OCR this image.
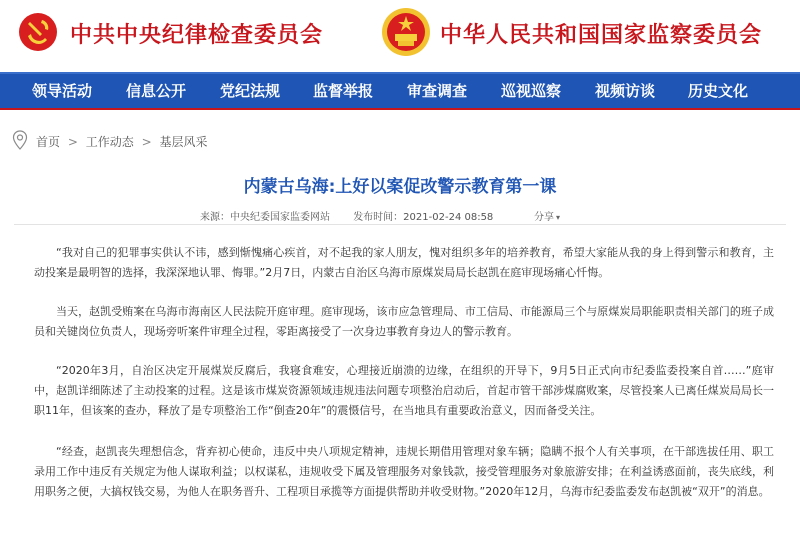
中共中央纪律检查委员会	中华人民共和国国家监察委员会
领导活动 信息公开 党纪法规 监督举报 审查调查 巡视巡察 视频访谈 历史文化
首页 > 工作动态 > 基层风采
内蒙古乌海:上好以案促改警示教育第一课
来源：中央纪委国家监委网站 发布时间：2021-02-24 08:58	分享 ▾

“我对自己的犯罪事实供认不讳，感到惭愧痛心疾首，对不起我的家人朋友，愧对组织多年的培养教育，希望大家能从我的身上得到警示和教育，主动投案是最明智的选择，我深深地认罪、悔罪。”2月7日，内蒙古自治区乌海市原煤炭局局长赵凯在庭审现场痛心忏悔。

当天，赵凯受贿案在乌海市海南区人民法院开庭审理。庭审现场，该市应急管理局、市工信局、市能源局三个与原煤炭局职能职责相关部门的班子成员和关键岗位负责人，现场旁听案件审理全过程，零距离接受了一次身边事教育身边人的警示教育。

“2020年3月，自治区决定开展煤炭反腐后，我寝食难安，心理接近崩溃的边缘，在组织的开导下，9月5日正式向市纪委监委投案自首……”庭审中，赵凯详细陈述了主动投案的过程。这是该市煤炭资源领域违规违法问题专项整治启动后，首起市管干部涉煤腐败案，尽管投案人已离任煤炭局局长一职11年，但该案的查办，释放了是专项整治工作“倒查20年”的震慑信号，在当地具有重要政治意义，因而备受关注。

“经查，赵凯丧失理想信念，背弃初心使命，违反中央八项规定精神，违规长期借用管理对象车辆；隐瞒不报个人有关事项，在干部选拔任用、职工录用工作中违反有关规定为他人谋取利益；以权谋私，违规收受下属及管理服务对象钱款，接受管理服务对象旅游安排；在利益诱惑面前，丧失底线，利用职务之便，大搞权钱交易，为他人在职务晋升、工程项目承揽等方面提供帮助并收受财物。”2020年12月，乌海市纪委监委发布赵凯被“双开”的消息。
